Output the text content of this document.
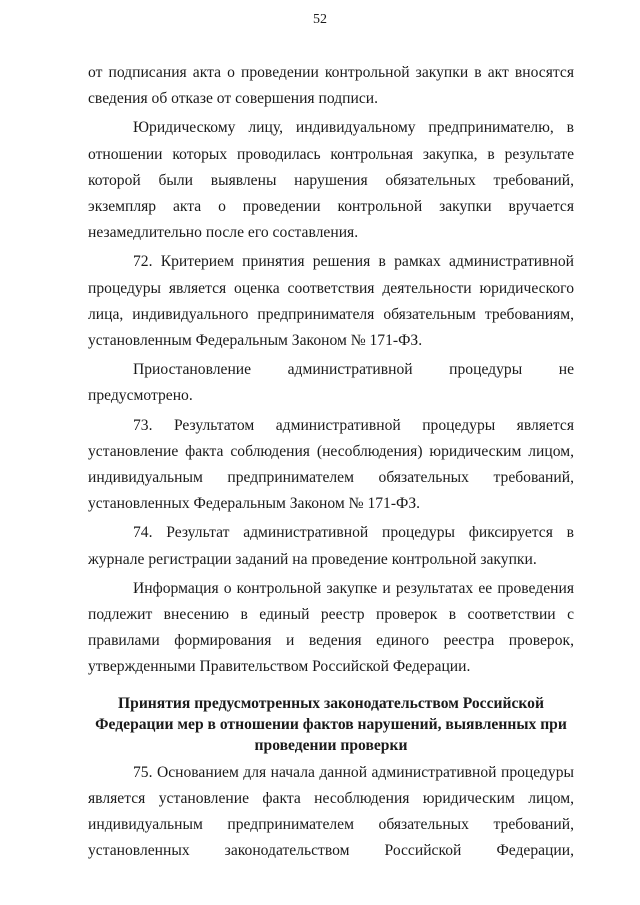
52

от подписания акта о проведении контрольной закупки в акт вносятся сведения об отказе от совершения подписи.

Юридическому лицу, индивидуальному предпринимателю, в отношении которых проводилась контрольная закупка, в результате которой были выявлены нарушения обязательных требований, экземпляр акта о проведении контрольной закупки вручается незамедлительно после его составления.

72. Критерием принятия решения в рамках административной процедуры является оценка соответствия деятельности юридического лица, индивидуального предпринимателя обязательным требованиям, установленным Федеральным Законом № 171-ФЗ.

Приостановление административной процедуры не предусмотрено.

73. Результатом административной процедуры является установление факта соблюдения (несоблюдения) юридическим лицом, индивидуальным предпринимателем обязательных требований, установленных Федеральным Законом № 171-ФЗ.

74. Результат административной процедуры фиксируется в журнале регистрации заданий на проведение контрольной закупки.

Информация о контрольной закупке и результатах ее проведения подлежит внесению в единый реестр проверок в соответствии с правилами формирования и ведения единого реестра проверок, утвержденными Правительством Российской Федерации.

Принятия предусмотренных законодательством Российской Федерации мер в отношении фактов нарушений, выявленных при проведении проверки

75. Основанием для начала данной административной процедуры является установление факта несоблюдения юридическим лицом, индивидуальным предпринимателем обязательных требований, установленных законодательством Российской Федерации,
